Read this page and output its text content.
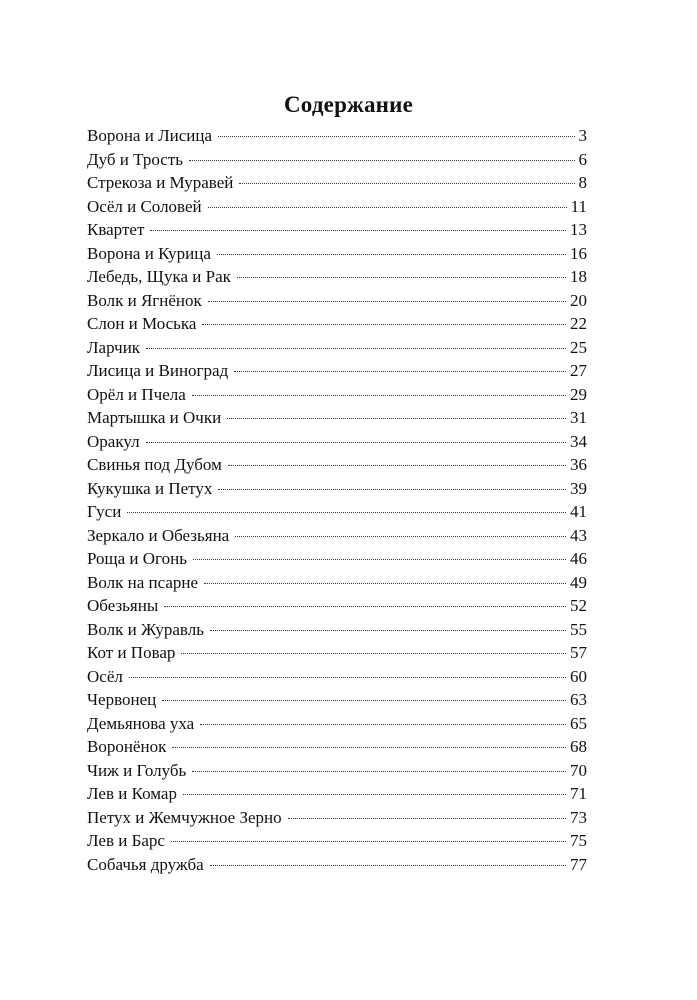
Содержание
Ворона и Лисица	3
Дуб и Трость	6
Стрекоза и Муравей	8
Осёл и Соловей	11
Квартет	13
Ворона и Курица	16
Лебедь, Щука и Рак	18
Волк и Ягнёнок	20
Слон и Моська	22
Ларчик	25
Лисица и Виноград	27
Орёл и Пчела	29
Мартышка и Очки	31
Оракул	34
Свинья под Дубом	36
Кукушка и Петух	39
Гуси	41
Зеркало и Обезьяна	43
Роща и Огонь	46
Волк на псарне	49
Обезьяны	52
Волк и Журавль	55
Кот и Повар	57
Осёл	60
Червонец	63
Демьянова уха	65
Воронёнок	68
Чиж и Голубь	70
Лев и Комар	71
Петух и Жемчужное Зерно	73
Лев и Барс	75
Собачья дружба	77
